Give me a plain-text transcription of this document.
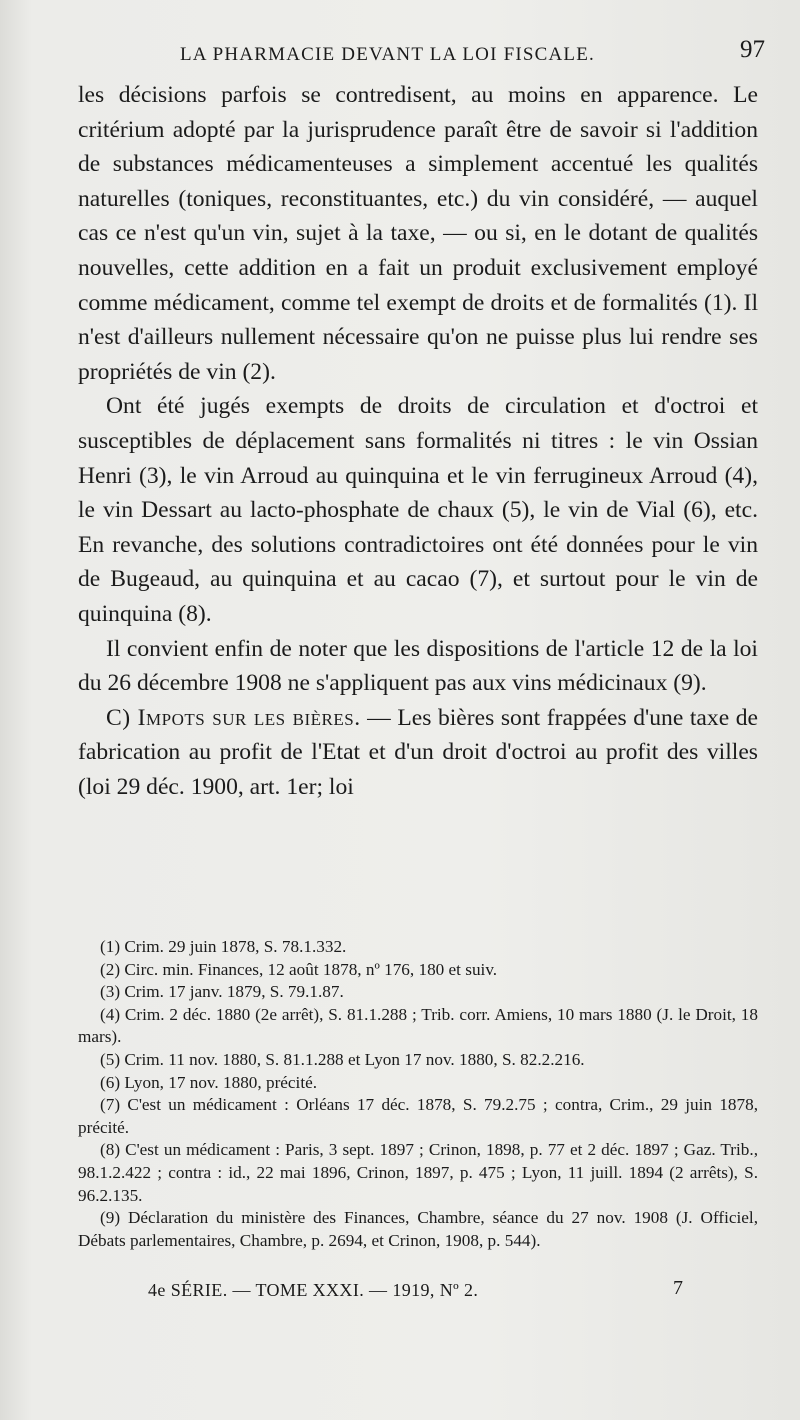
LA PHARMACIE DEVANT LA LOI FISCALE.	97

les décisions parfois se contredisent, au moins en apparence. Le critérium adopté par la jurisprudence paraît être de savoir si l'addition de substances médicamenteuses a simplement accentué les qualités naturelles (toniques, reconstituantes, etc.) du vin considéré, — auquel cas ce n'est qu'un vin, sujet à la taxe, — ou si, en le dotant de qualités nouvelles, cette addition en a fait un produit exclusivement employé comme médicament, comme tel exempt de droits et de formalités (1). Il n'est d'ailleurs nullement nécessaire qu'on ne puisse plus lui rendre ses propriétés de vin (2).

Ont été jugés exempts de droits de circulation et d'octroi et susceptibles de déplacement sans formalités ni titres : le vin Ossian Henri (3), le vin Arroud au quinquina et le vin ferrugineux Arroud (4), le vin Dessart au lacto-phosphate de chaux (5), le vin de Vial (6), etc. En revanche, des solutions contradictoires ont été données pour le vin de Bugeaud, au quinquina et au cacao (7), et surtout pour le vin de quinquina (8).

Il convient enfin de noter que les dispositions de l'article 12 de la loi du 26 décembre 1908 ne s'appliquent pas aux vins médicinaux (9).

C) Impots sur les bières. — Les bières sont frappées d'une taxe de fabrication au profit de l'Etat et d'un droit d'octroi au profit des villes (loi 29 déc. 1900, art. 1er; loi

(1) Crim. 29 juin 1878, S. 78.1.332.

(2) Circ. min. Finances, 12 août 1878, nº 176, 180 et suiv.

(3) Crim. 17 janv. 1879, S. 79.1.87.

(4) Crim. 2 déc. 1880 (2e arrêt), S. 81.1.288 ; Trib. corr. Amiens, 10 mars 1880 (J. le Droit, 18 mars).

(5) Crim. 11 nov. 1880, S. 81.1.288 et Lyon 17 nov. 1880, S. 82.2.216.

(6) Lyon, 17 nov. 1880, précité.

(7) C'est un médicament : Orléans 17 déc. 1878, S. 79.2.75 ; contra, Crim., 29 juin 1878, précité.

(8) C'est un médicament : Paris, 3 sept. 1897 ; Crinon, 1898, p. 77 et 2 déc. 1897 ; Gaz. Trib., 98.1.2.422 ; contra : id., 22 mai 1896, Crinon, 1897, p. 475 ; Lyon, 11 juill. 1894 (2 arrêts), S. 96.2.135.

(9) Déclaration du ministère des Finances, Chambre, séance du 27 nov. 1908 (J. Officiel, Débats parlementaires, Chambre, p. 2694, et Crinon, 1908, p. 544).

4e SÉRIE. — TOME XXXI. — 1919, Nº 2.	7
